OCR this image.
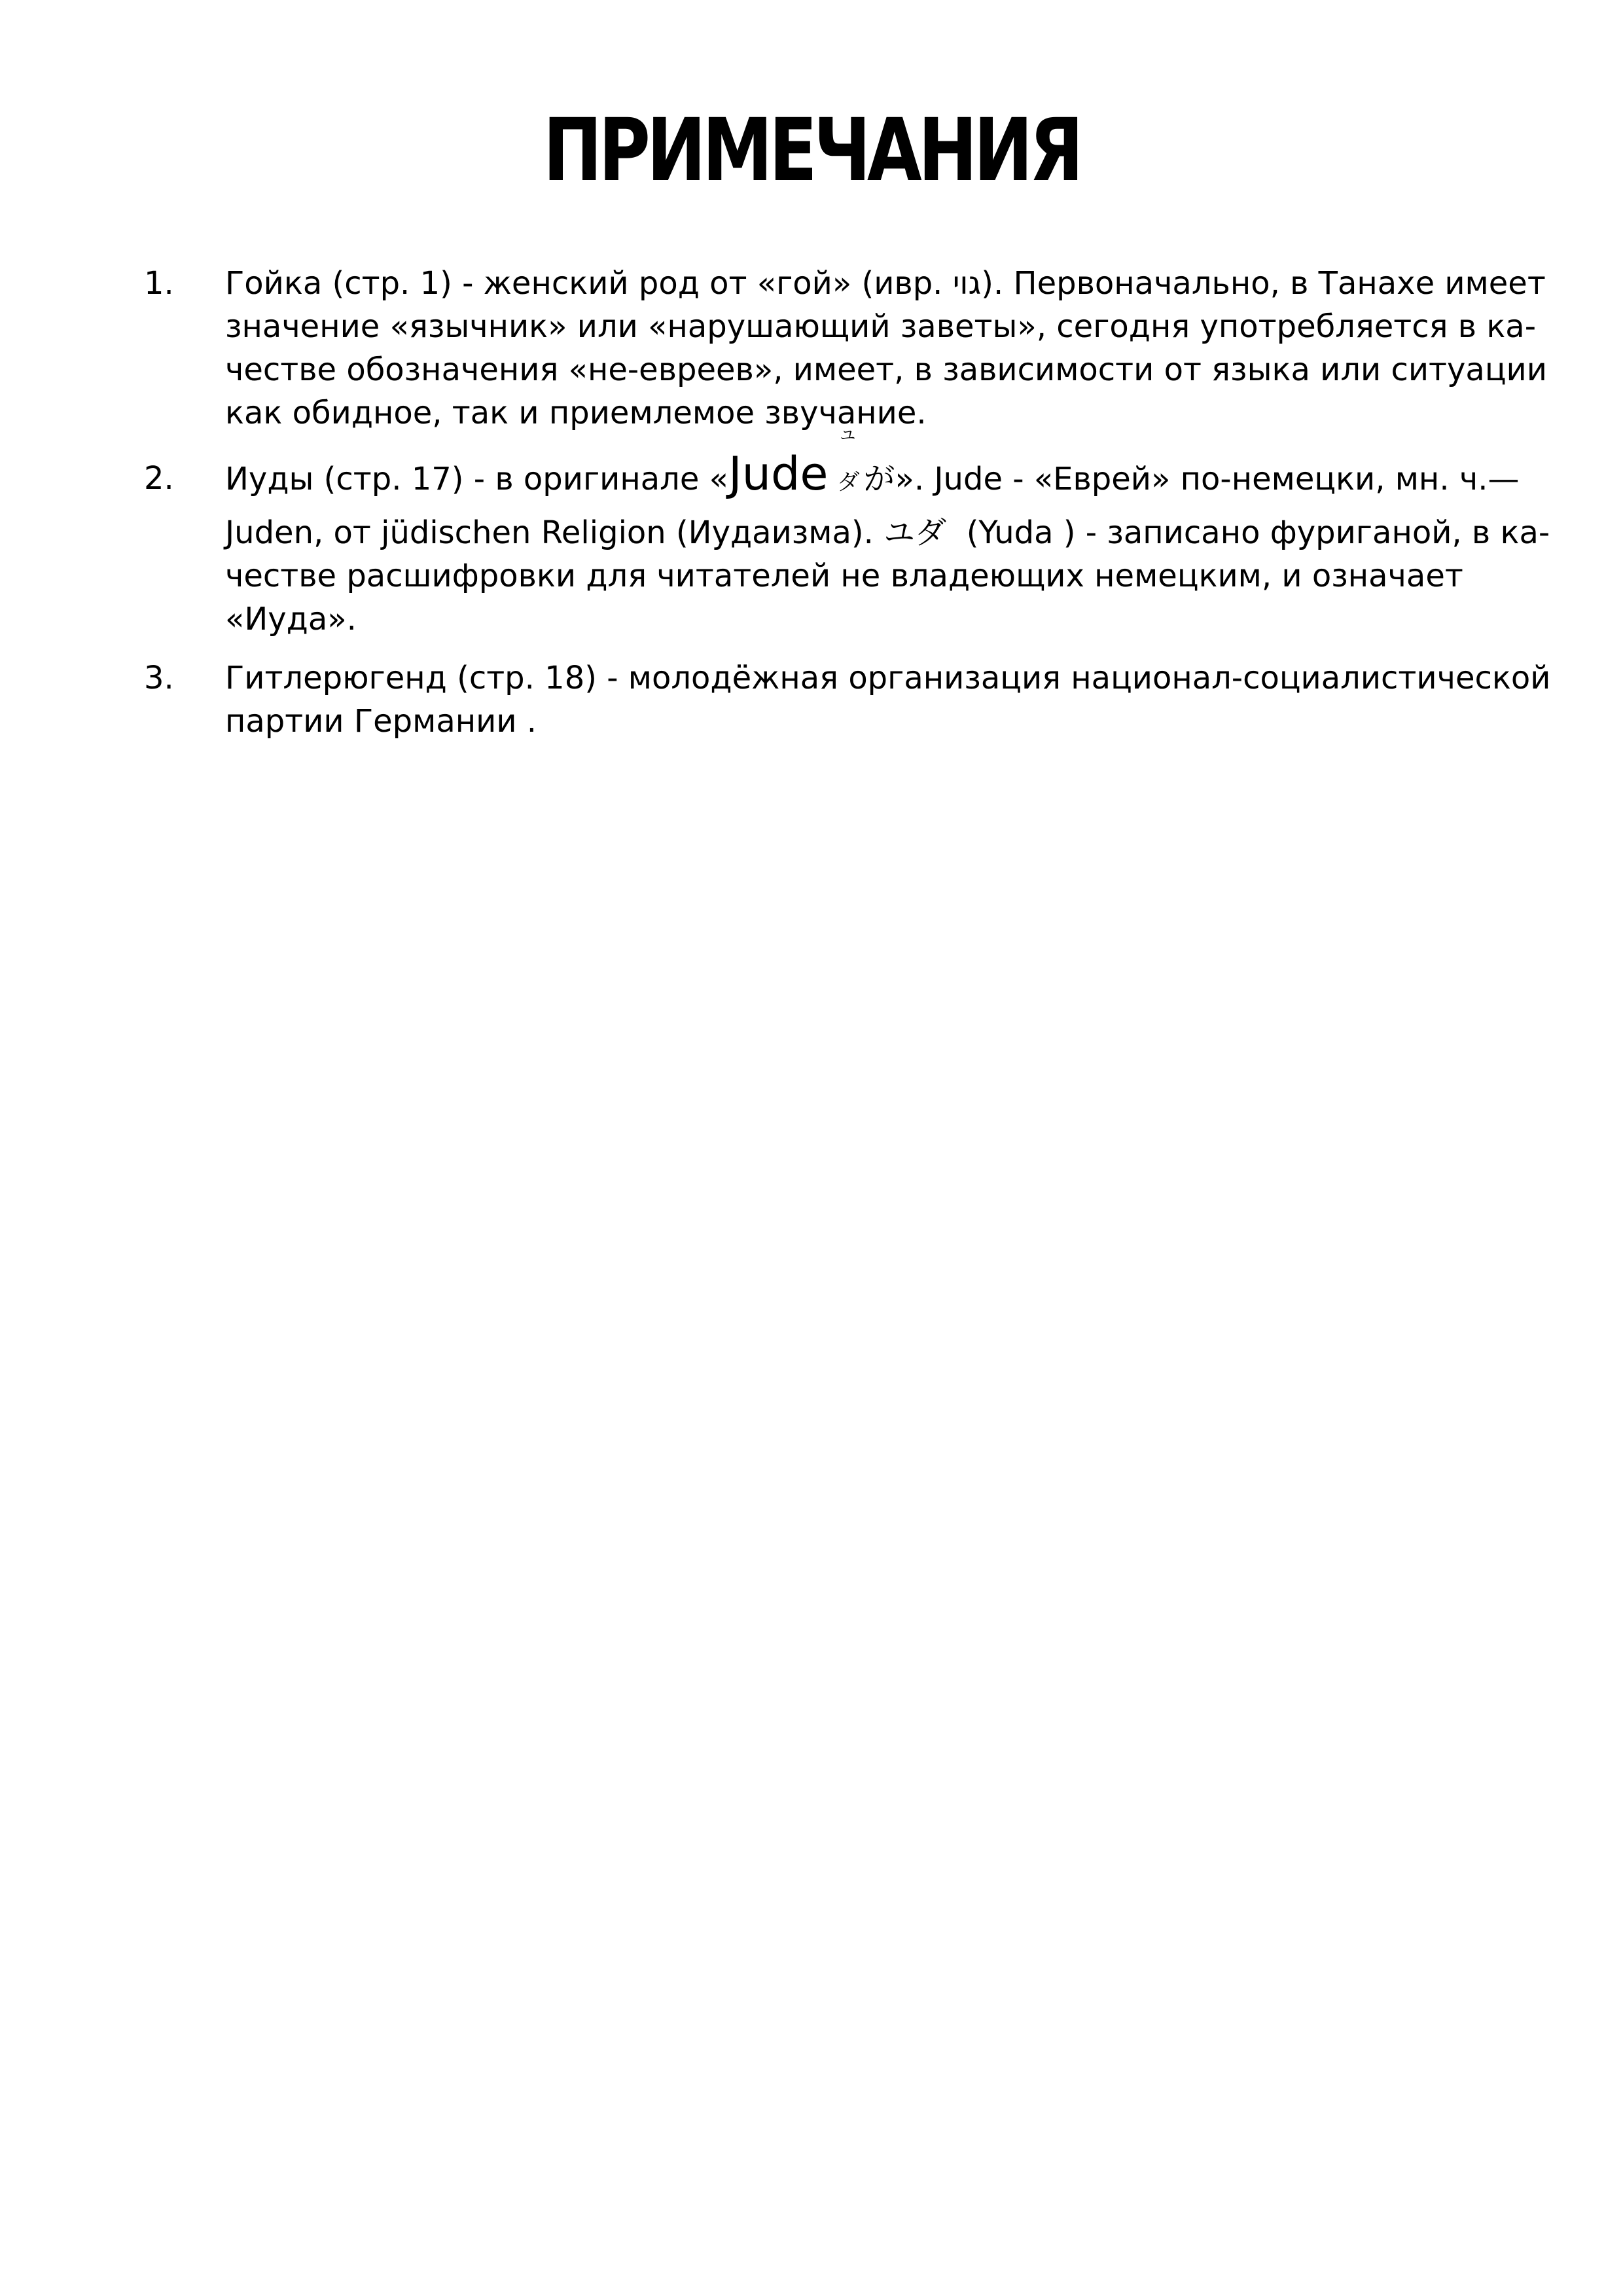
ПРИМЕЧАНИЯ
1. Гойка (стр. 1) - женский род от «гой» (ивр. גוי). Первоначально, в Танахе имеет
значение «язычник» или «нарушающий заветы», сегодня употребляется в ка-
честве обозначения «не-евреев», имеет, в зависимости от языка или ситуации
как обидное, так и приемлемое звучание.
2. Иуды (стр. 17) - в оригинале «Jude
ユ
ダ が». Jude - «Еврей» по-немецки, мн. ч.—
Juden, от jüdischen Religion (Иудаизма). ユダ  (Yuda ) - записано фуриганой, в ка-
честве расшифровки для читателей не владеющих немецким, и означает
«Иуда».
3. Гитлерюгенд (стр. 18) - молодёжная организация национал-социалистической
партии Германии .
